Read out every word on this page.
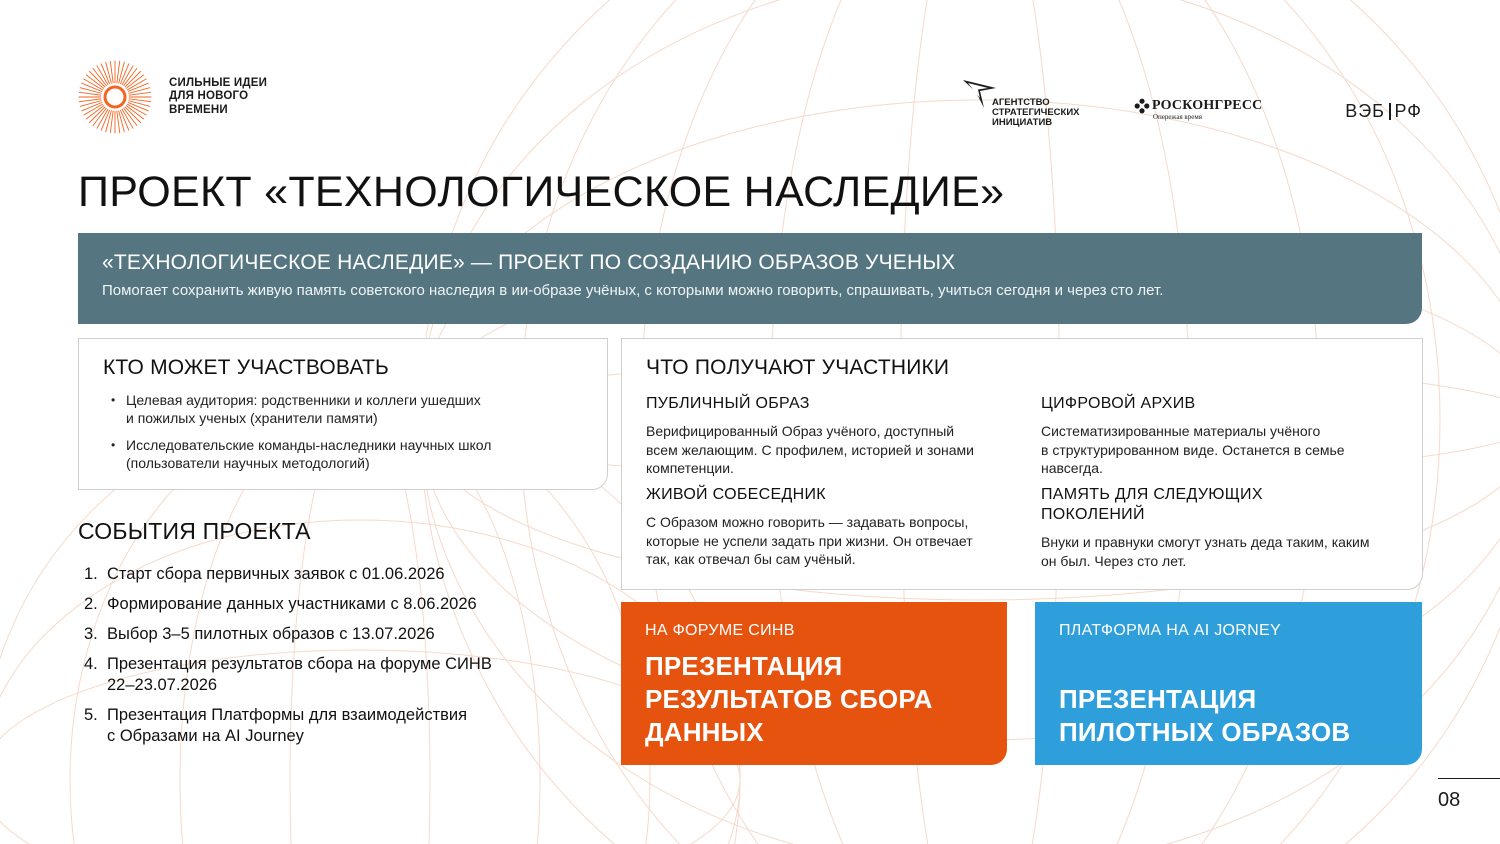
СИЛЬНЫЕ ИДЕИ
ДЛЯ НОВОГО
ВРЕМЕНИ
АГЕНТСТВО
СТРАТЕГИЧЕСКИХ
ИНИЦИАТИВ
РОСКОНГРЕСС
Опережая время	ВЭБ РФ
ПРОЕКТ «ТЕХНОЛОГИЧЕСКОЕ НАСЛЕДИЕ»
«ТЕХНОЛОГИЧЕСКОЕ НАСЛЕДИЕ» — ПРОЕКТ ПО СОЗДАНИЮ ОБРАЗОВ УЧЕНЫХ
Помогает сохранить живую память советского наследия в ии-образе учёных, с которыми можно говорить, спрашивать, учиться сегодня и через сто лет.
КТО МОЖЕТ УЧАСТВОВАТЬ
• Целевая аудитория: родственники и коллеги ушедших
и пожилых ученых (хранители памяти)
• Исследовательские команды-наследники научных школ
(пользователи научных методологий)
ЧТО ПОЛУЧАЮТ УЧАСТНИКИ
ПУБЛИЧНЫЙ ОБРАЗ
Верифицированный Образ учёного, доступный
всем желающим. С профилем, историей и зонами
компетенции.
ЦИФРОВОЙ АРХИВ
Систематизированные материалы учёного
в структурированном виде. Останется в семье
навсегда.
ЖИВОЙ СОБЕСЕДНИК
С Образом можно говорить — задавать вопросы,
которые не успели задать при жизни. Он отвечает
так, как отвечал бы сам учёный.
ПАМЯТЬ ДЛЯ СЛЕДУЮЩИХ
ПОКОЛЕНИЙ
Внуки и правнуки смогут узнать деда таким, каким
он был. Через сто лет.
СОБЫТИЯ ПРОЕКТА
1. Старт сбора первичных заявок с 01.06.2026
2. Формирование данных участниками с 8.06.2026
3. Выбор 3–5 пилотных образов с 13.07.2026
4. Презентация результатов сбора на форуме СИНВ
22–23.07.2026
5. Презентация Платформы для взаимодействия
с Образами на AI Journey
НА ФОРУМЕ СИНВ
ПРЕЗЕНТАЦИЯ
РЕЗУЛЬТАТОВ СБОРА
ДАННЫХ
ПЛАТФОРМА НА AI JORNEY
ПРЕЗЕНТАЦИЯ
ПИЛОТНЫХ ОБРАЗОВ
08
